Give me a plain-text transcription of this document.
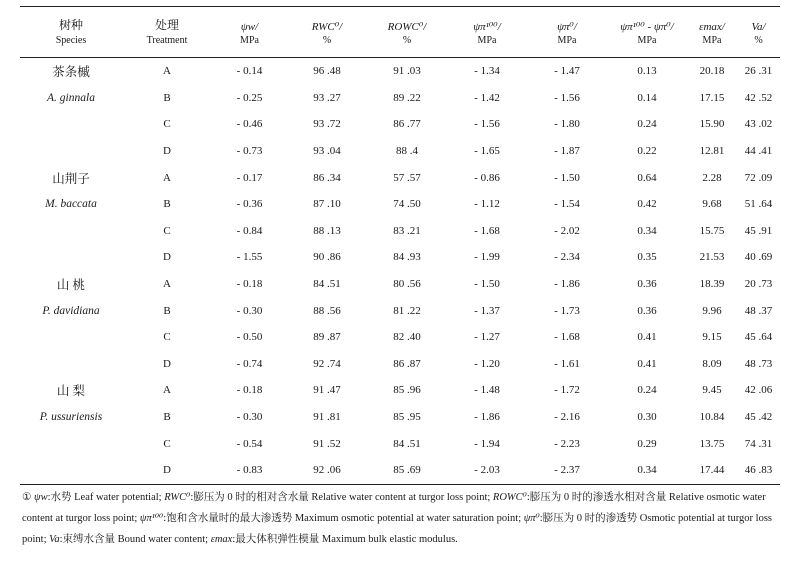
树种	处理	ψw/	RWC⁰/	ROWC⁰/	ψπ¹⁰⁰/	ψπ⁰/	ψπ¹⁰⁰ - ψπ⁰/	εmax/	Va/
Species	Treatment	MPa	%	%	MPa	MPa	MPa	MPa	%
茶条槭	A	- 0.14	96 .48	91 .03	- 1.34	- 1.47	0.13	20.18	26 .31
A. ginnala	B	- 0.25	93 .27	89 .22	- 1.42	- 1.56	0.14	17.15	42 .52
	C	- 0.46	93 .72	86 .77	- 1.56	- 1.80	0.24	15.90	43 .02
	D	- 0.73	93 .04	88 .4	- 1.65	- 1.87	0.22	12.81	44 .41
山荆子	A	- 0.17	86 .34	57 .57	- 0.86	- 1.50	0.64	2.28	72 .09
M. baccata	B	- 0.36	87 .10	74 .50	- 1.12	- 1.54	0.42	9.68	51 .64
	C	- 0.84	88 .13	83 .21	- 1.68	- 2.02	0.34	15.75	45 .91
	D	- 1.55	90 .86	84 .93	- 1.99	- 2.34	0.35	21.53	40 .69
山 桃	A	- 0.18	84 .51	80 .56	- 1.50	- 1.86	0.36	18.39	20 .73
P. davidiana	B	- 0.30	88 .56	81 .22	- 1.37	- 1.73	0.36	9.96	48 .37
	C	- 0.50	89 .87	82 .40	- 1.27	- 1.68	0.41	9.15	45 .64
	D	- 0.74	92 .74	86 .87	- 1.20	- 1.61	0.41	8.09	48 .73
山 梨	A	- 0.18	91 .47	85 .96	- 1.48	- 1.72	0.24	9.45	42 .06
P. ussuriensis	B	- 0.30	91 .81	85 .95	- 1.86	- 2.16	0.30	10.84	45 .42
	C	- 0.54	91 .52	84 .51	- 1.94	- 2.23	0.29	13.75	74 .31
	D	- 0.83	92 .06	85 .69	- 2.03	- 2.37	0.34	17.44	46 .83
① ψw:水势 Leaf water potential; RWC⁰:膨压为 0 时的相对含水量 Relative water content at turgor loss point; ROWC⁰:膨压为 0 时的渗透水相对含量 Relative osmotic water content at turgor loss point; ψπ¹⁰⁰:饱和含水量时的最大渗透势 Maximum osmotic potential at water saturation point; ψπ⁰:膨压为 0 时的渗透势 Osmotic potential at turgor loss point; Va:束缚水含量 Bound water content; εmax:最大体积弹性模量 Maximum bulk elastic modulus.
